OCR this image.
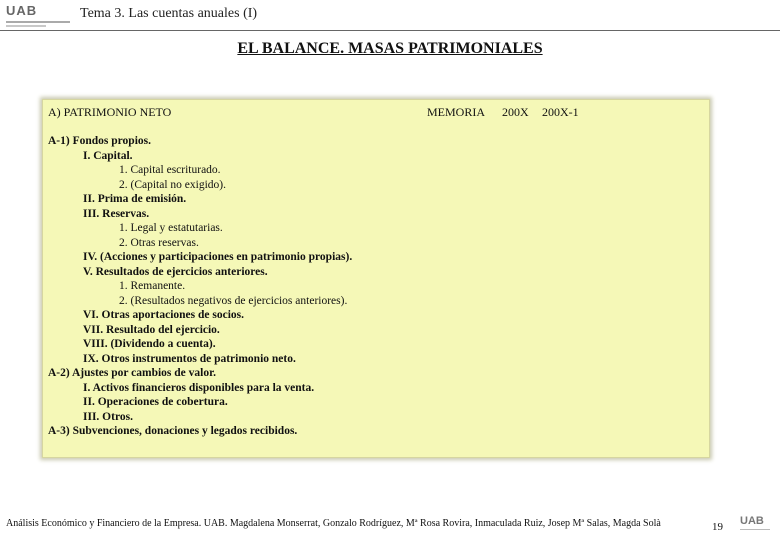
UAB	Tema 3. Las cuentas anuales (I)
EL BALANCE. MASAS PATRIMONIALES
A) PATRIMONIO NETO	MEMORIA 200X 200X-1
A-1) Fondos propios.
I. Capital.
1. Capital escriturado.
2. (Capital no exigido).
II. Prima de emisión.
III. Reservas.
1. Legal y estatutarias.
2. Otras reservas.
IV. (Acciones y participaciones en patrimonio propias).
V. Resultados de ejercicios anteriores.
1. Remanente.
2. (Resultados negativos de ejercicios anteriores).
VI. Otras aportaciones de socios.
VII. Resultado del ejercicio.
VIII. (Dividendo a cuenta).
IX. Otros instrumentos de patrimonio neto.
A-2) Ajustes por cambios de valor.
I. Activos financieros disponibles para la venta.
II. Operaciones de cobertura.
III. Otros.
A-3) Subvenciones, donaciones y legados recibidos.
Análisis Económico y Financiero de la Empresa. UAB. Magdalena Monserrat, Gonzalo Rodríguez, Mª Rosa Rovira, Inmaculada Ruiz, Josep Mª Salas, Magda Solà	19 UAB
